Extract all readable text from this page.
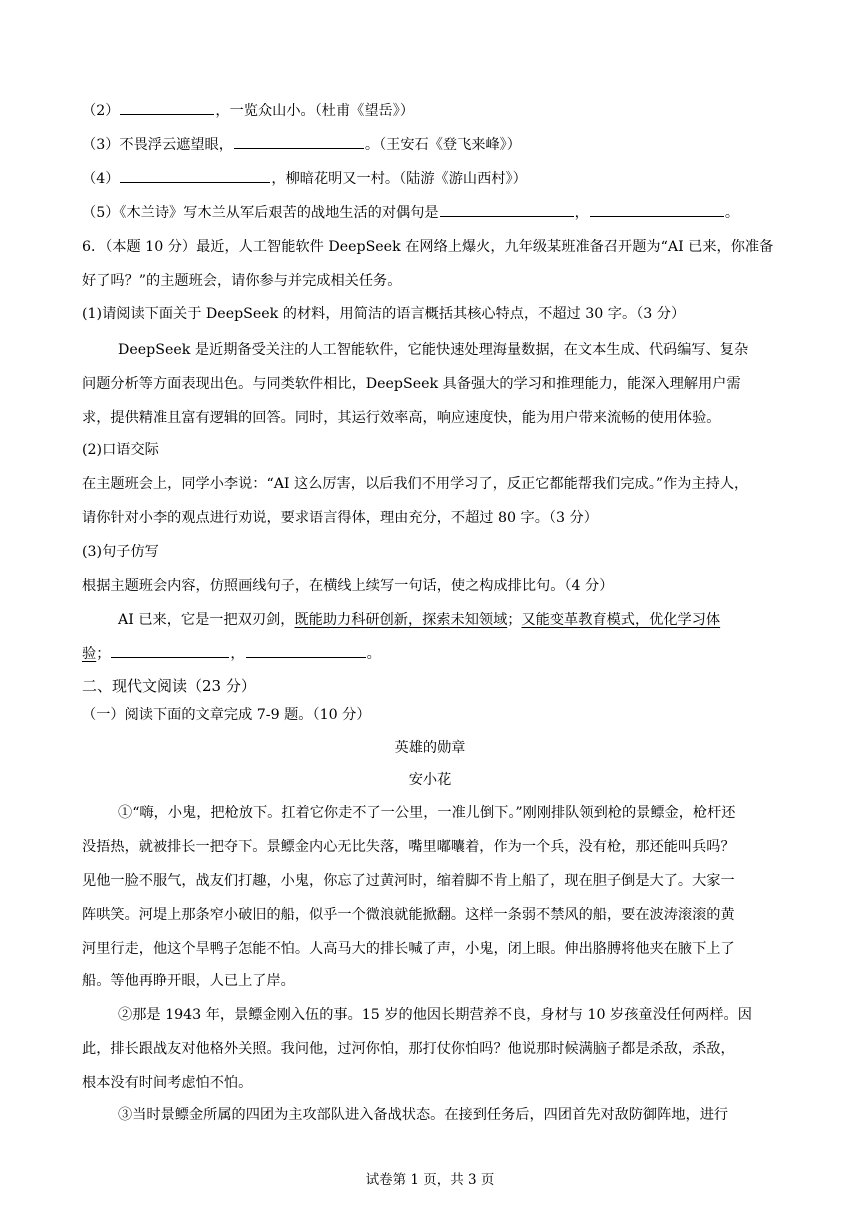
（2）	，一览众山小。（杜甫《望岳》）
（3）不畏浮云遮望眼，	。（王安石《登飞来峰》）
（4）	，柳暗花明又一村。（陆游《游山西村》）
（5）《木兰诗》写木兰从军后艰苦的战地生活的对偶句是	，	。
6．（本题 10 分）最近，人工智能软件 DeepSeek 在网络上爆火，九年级某班准备召开题为“AI 已来，你准备
好了吗？”的主题班会，请你参与并完成相关任务。
(1)请阅读下面关于 DeepSeek 的材料，用简洁的语言概括其核心特点，不超过 30 字。（3 分）
DeepSeek 是近期备受关注的人工智能软件，它能快速处理海量数据，在文本生成、代码编写、复杂
问题分析等方面表现出色。与同类软件相比，DeepSeek 具备强大的学习和推理能力，能深入理解用户需
求，提供精准且富有逻辑的回答。同时，其运行效率高，响应速度快，能为用户带来流畅的使用体验。
(2)口语交际
在主题班会上，同学小李说：“AI 这么厉害，以后我们不用学习了，反正它都能帮我们完成。”作为主持人，
请你针对小李的观点进行劝说，要求语言得体，理由充分，不超过 80 字。（3 分）
(3)句子仿写
根据主题班会内容，仿照画线句子，在横线上续写一句话，使之构成排比句。（4 分）
AI 已来，它是一把双刃剑，既能助力科研创新，探索未知领域；又能变革教育模式，优化学习体
验；	，	。
二、现代文阅读（23 分）
（一）阅读下面的文章完成 7-9 题。（10 分）
英雄的勋章
安小花
①“嗨，小鬼，把枪放下。扛着它你走不了一公里，一准儿倒下。”刚刚排队领到枪的景鳔金，枪杆还
没捂热，就被排长一把夺下。景鳔金内心无比失落，嘴里嘟囔着，作为一个兵，没有枪，那还能叫兵吗？
见他一脸不服气，战友们打趣，小鬼，你忘了过黄河时，缩着脚不肯上船了，现在胆子倒是大了。大家一
阵哄笑。河堤上那条窄小破旧的船，似乎一个微浪就能掀翻。这样一条弱不禁风的船，要在波涛滚滚的黄
河里行走，他这个旱鸭子怎能不怕。人高马大的排长喊了声，小鬼，闭上眼。伸出胳膊将他夹在腋下上了
船。等他再睁开眼，人已上了岸。
②那是 1943 年，景鳔金刚入伍的事。15 岁的他因长期营养不良，身材与 10 岁孩童没任何两样。因
此，排长跟战友对他格外关照。我问他，过河你怕，那打仗你怕吗？他说那时候满脑子都是杀敌，杀敌，
根本没有时间考虑怕不怕。
③当时景鳔金所属的四团为主攻部队进入备战状态。在接到任务后，四团首先对敌防御阵地，进行
试卷第 1 页，共 3 页
